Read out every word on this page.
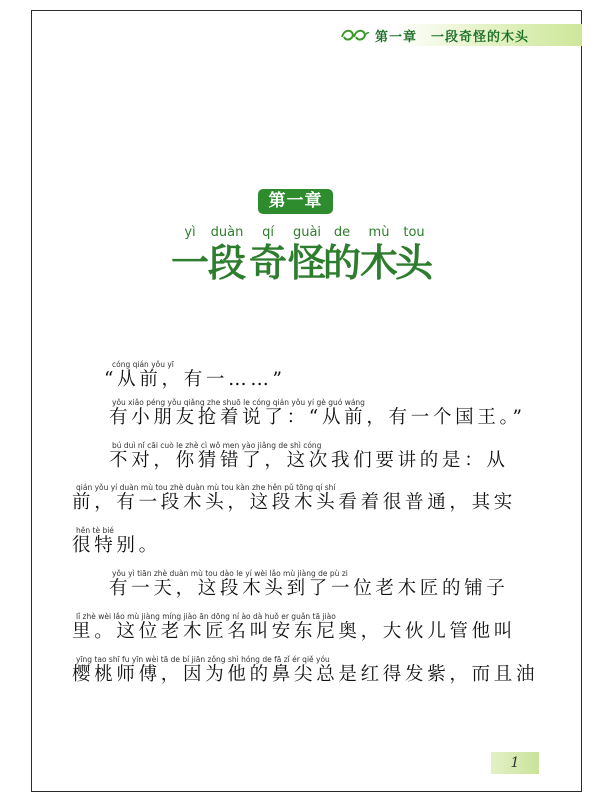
第一章　一段奇怪的木头
第一章
yì	duàn	qí	guài de	mù	tou
一
段 奇 怪
的
木
头
cóng qián yǒu yī
“从前，有一……”
yǒu xiǎo péng yǒu qiǎng zhe shuō le cóng qián yǒu yí gè guó wáng
有小朋友抢着说了：“从前，有一个国王。”
bú duì nǐ cāi cuò le zhè cì wǒ men yào jiǎng de shì cóng
不对，你猜错了，这次我们要讲的是：从
qián yǒu yí duàn mù tou zhè duàn mù tou kàn zhe hěn pǔ tōng qí shí
前，有一段木头，这段木头看着很普通，其实
hěn tè bié
很特别。
yǒu yì tiān zhè duàn mù tou dào le yí wèi lǎo mù jiàng de pù zi
有一天，这段木头到了一位老木匠的铺子
lǐ zhè wèi lǎo mù jiàng míng jiào ān dōng ní ào dà huǒ er guǎn tā jiào
里。这位老木匠名叫安东尼奥，大伙儿管他叫
yīng tao shī fu yīn wèi tā de bí jiān zǒng shì hóng de fā zǐ ér qiě yóu
樱桃师傅，因为他的鼻尖总是红得发紫，而且油
1
